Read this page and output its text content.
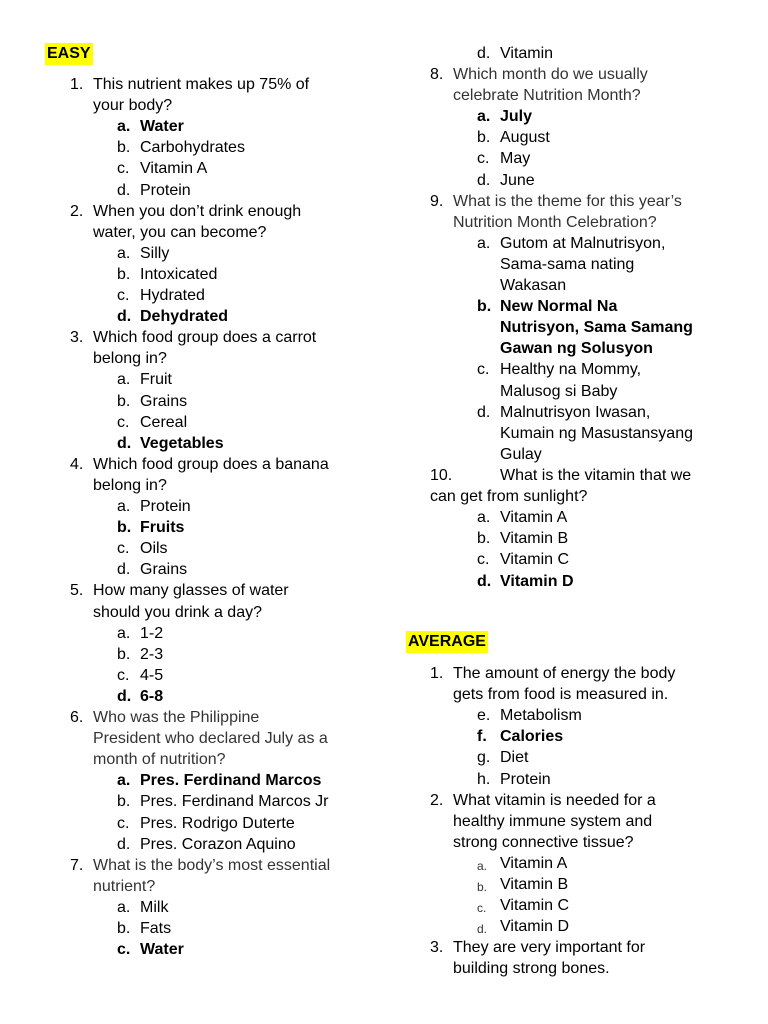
EASY
1. This nutrient makes up 75% of
your body?
a. Water
b. Carbohydrates
c. Vitamin A
d. Protein
2. When you don’t drink enough
water, you can become?
a. Silly
b. Intoxicated
c. Hydrated
d. Dehydrated
3. Which food group does a carrot
belong in?
a. Fruit
b. Grains
c. Cereal
d. Vegetables
4. Which food group does a banana
belong in?
a. Protein
b. Fruits
c. Oils
d. Grains
5. How many glasses of water
should you drink a day?
a. 1-2
b. 2-3
c. 4-5
d. 6-8
6. Who was the Philippine
President who declared July as a
month of nutrition?
a. Pres. Ferdinand Marcos
b. Pres. Ferdinand Marcos Jr
c. Pres. Rodrigo Duterte
d. Pres. Corazon Aquino
7. What is the body’s most essential
nutrient?
a. Milk
b. Fats
c. Water
d. Vitamin
8. Which month do we usually
celebrate Nutrition Month?
a. July
b. August
c. May
d. June
9. What is the theme for this year’s
Nutrition Month Celebration?
a. Gutom at Malnutrisyon,
Sama-sama nating
Wakasan
b. New Normal Na
Nutrisyon, Sama Samang
Gawan ng Solusyon
c. Healthy na Mommy,
Malusog si Baby
d. Malnutrisyon Iwasan,
Kumain ng Masustansyang
Gulay
10.	What is the vitamin that we
can get from sunlight?
a. Vitamin A
b. Vitamin B
c. Vitamin C
d. Vitamin D
AVERAGE
1. The amount of energy the body
gets from food is measured in.
e. Metabolism
f. Calories
g. Diet
h. Protein
2. What vitamin is needed for a
healthy immune system and
strong connective tissue?
a. Vitamin A
b. Vitamin B
c. Vitamin C
d. Vitamin D
3. They are very important for
building strong bones.
